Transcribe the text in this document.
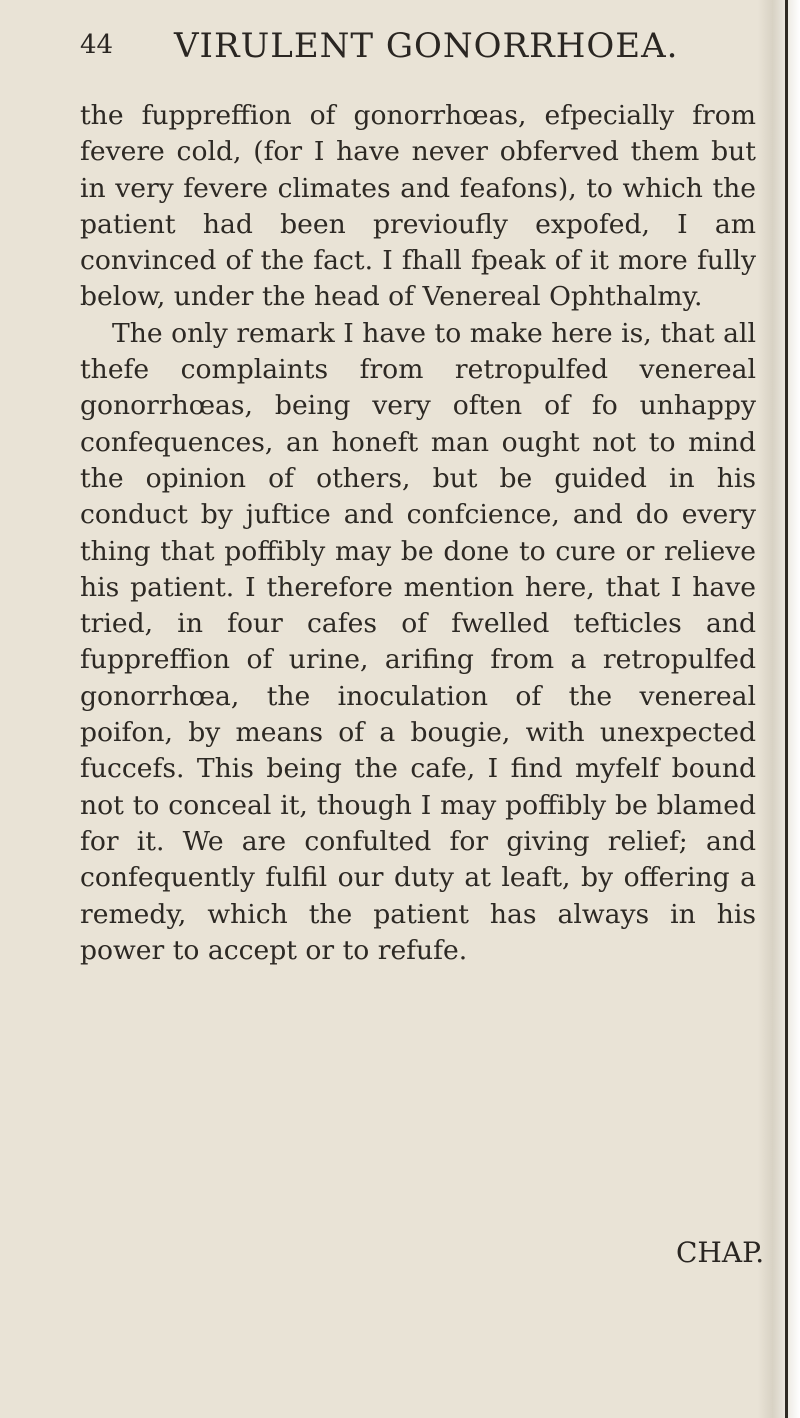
44 VIRULENT GONORRHOEA.

the fuppreffion of gonorrhœas, efpecially from fevere cold, (for I have never obferved them but in very fevere climates and feafons), to which the patient had been previoufly expofed, I am convinced of the fact. I fhall fpeak of it more fully below, under the head of Venereal Ophthalmy.

The only remark I have to make here is, that all thefe complaints from retropulfed venereal gonorrhœas, being very often of fo unhappy confequences, an honeft man ought not to mind the opinion of others, but be guided in his conduct by juftice and confcience, and do every thing that poffibly may be done to cure or relieve his patient. I therefore mention here, that I have tried, in four cafes of fwelled tefticles and fuppreffion of urine, arifing from a retropulfed gonorrhœa, the inoculation of the venereal poifon, by means of a bougie, with unexpected fuccefs. This being the cafe, I find myfelf bound not to conceal it, though I may poffibly be blamed for it. We are confulted for giving relief; and confequently fulfil our duty at leaft, by offering a remedy, which the patient has always in his power to accept or to refufe.

CHAP.
